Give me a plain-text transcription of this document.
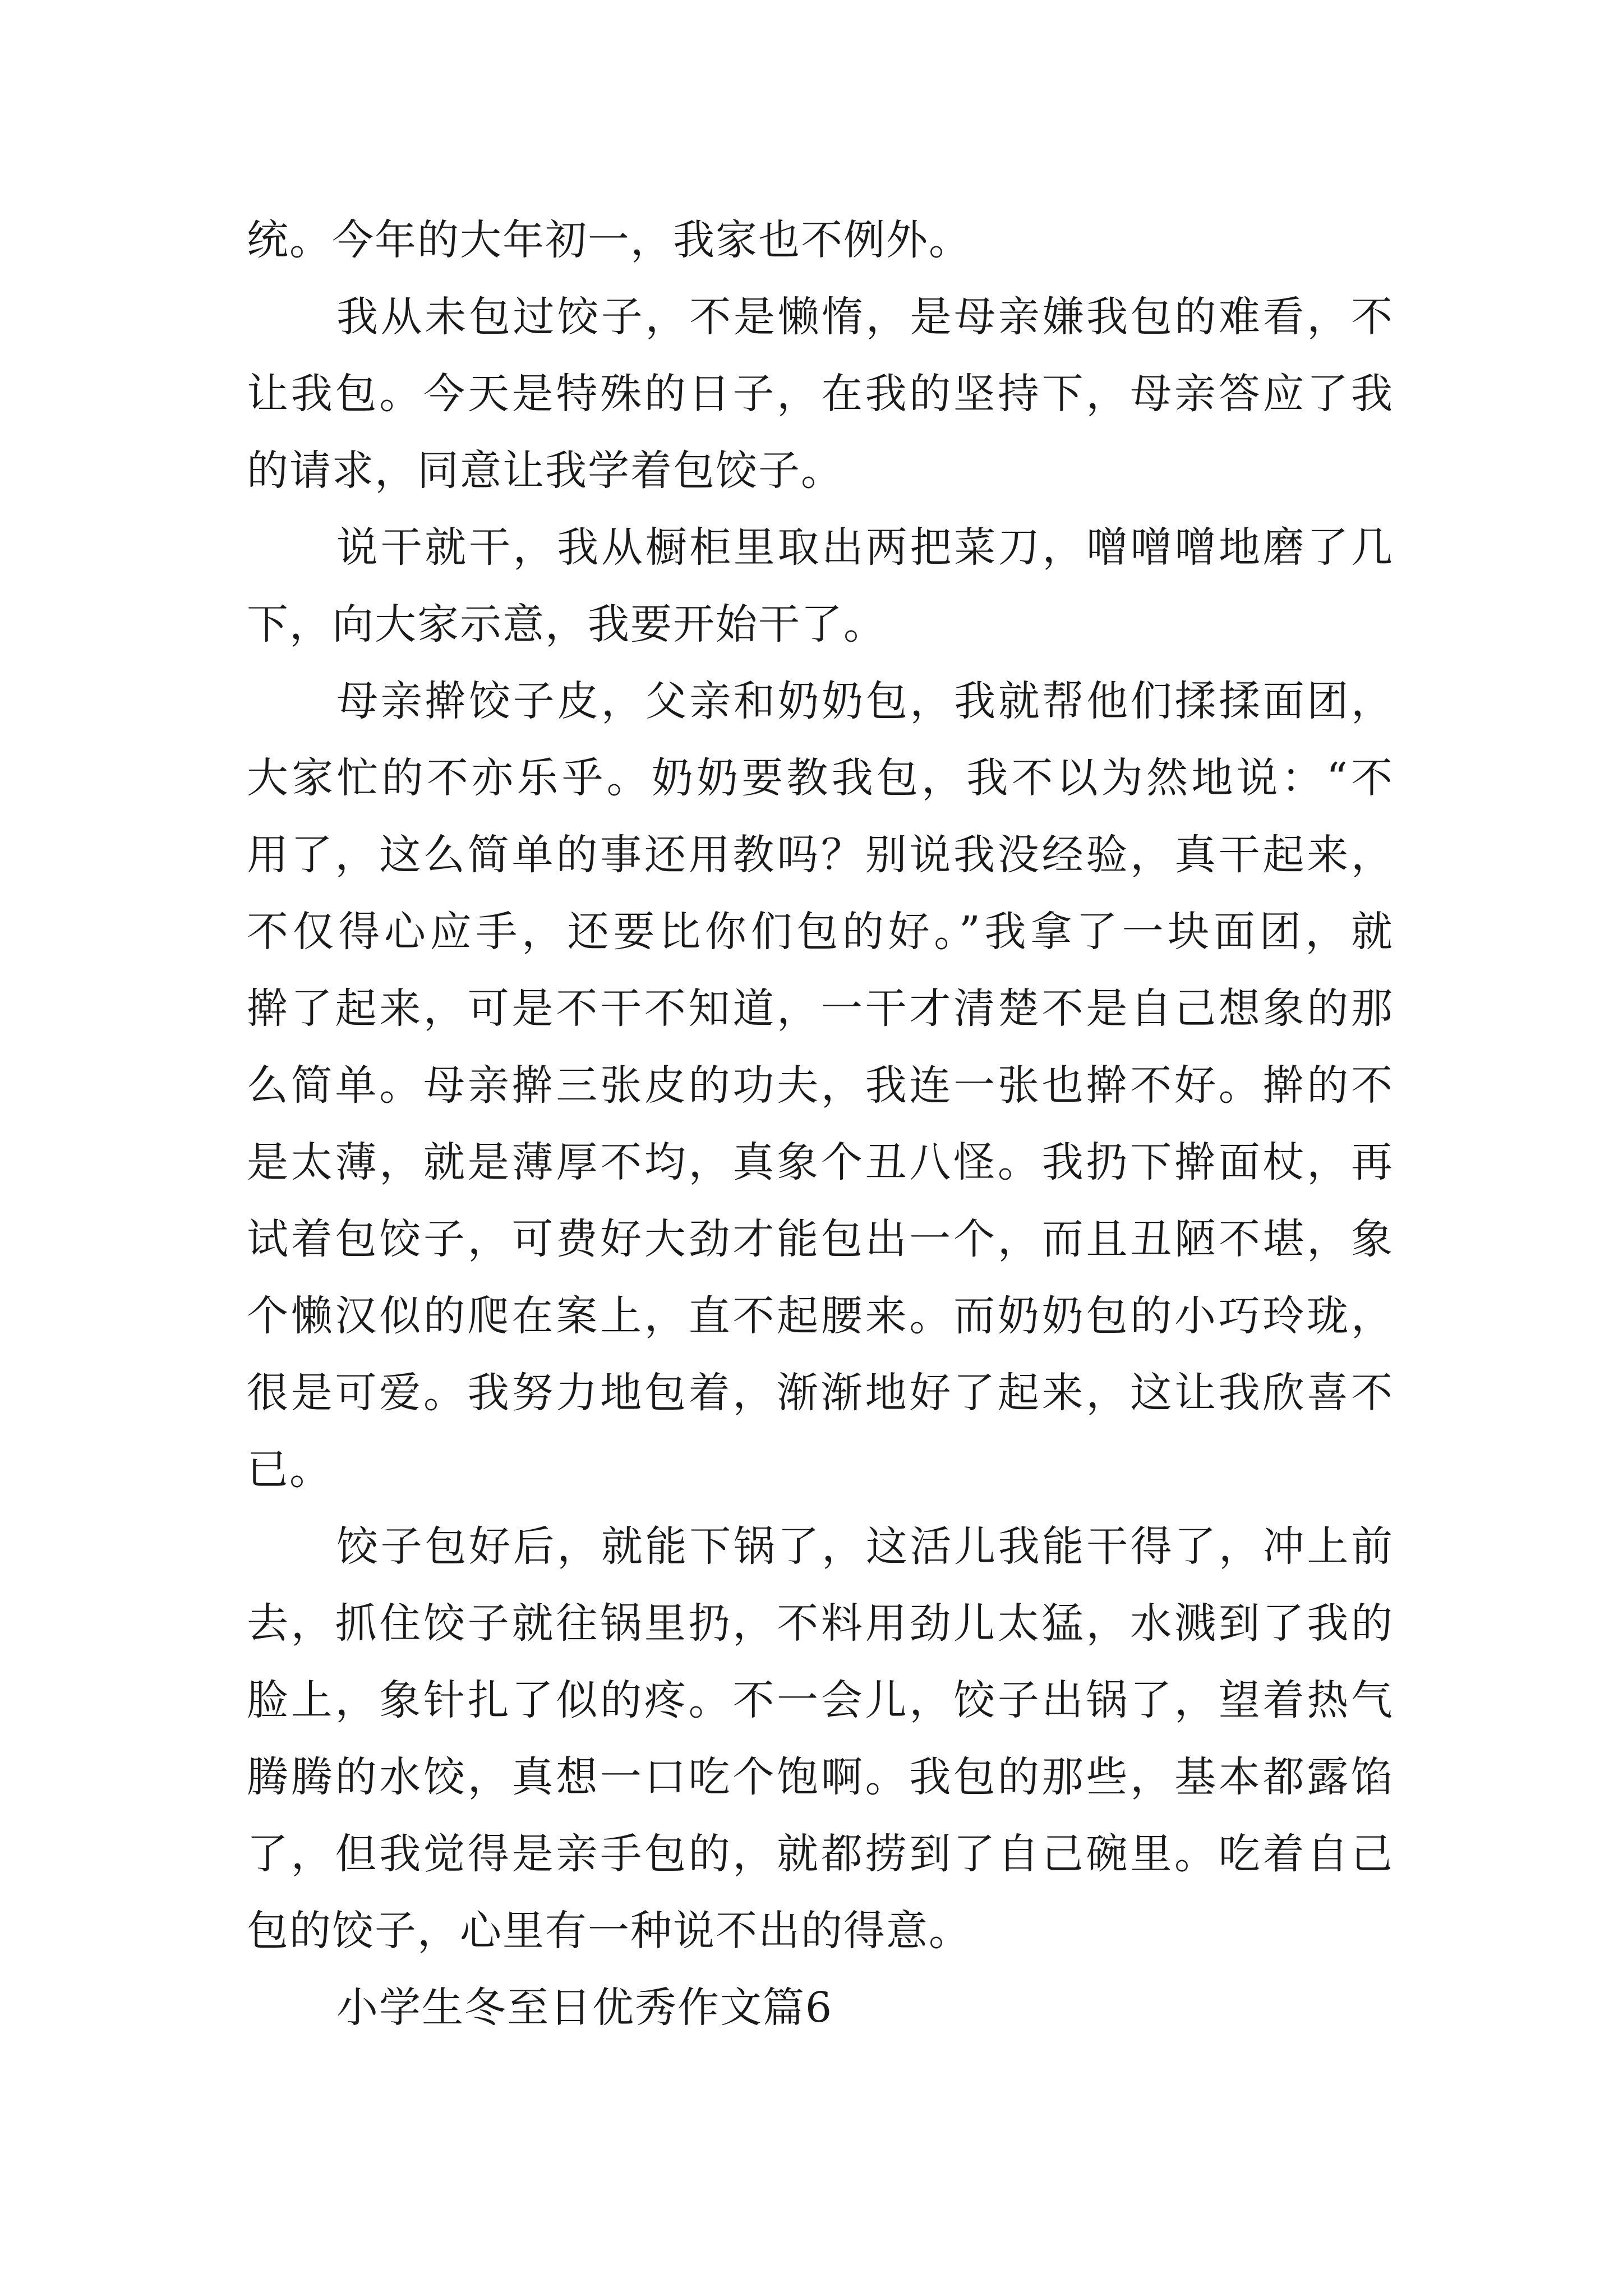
统。今年的大年初一，我家也不例外。
我从未包过饺子，不是懒惰，是母亲嫌我包的难看，不
让我包。今天是特殊的日子，在我的坚持下，母亲答应了我
的请求，同意让我学着包饺子。
说干就干，我从橱柜里取出两把菜刀，噌噌噌地磨了几
下，向大家示意，我要开始干了。
母亲擀饺子皮，父亲和奶奶包，我就帮他们揉揉面团，
大家忙的不亦乐乎。奶奶要教我包，我不以为然地说：“不
用了，这么简单的事还用教吗？别说我没经验，真干起来，
不仅得心应手，还要比你们包的好。”我拿了一块面团，就
擀了起来，可是不干不知道，一干才清楚不是自己想象的那
么简单。母亲擀三张皮的功夫，我连一张也擀不好。擀的不
是太薄，就是薄厚不均，真象个丑八怪。我扔下擀面杖，再
试着包饺子，可费好大劲才能包出一个，而且丑陋不堪，象
个懒汉似的爬在案上，直不起腰来。而奶奶包的小巧玲珑，
很是可爱。我努力地包着，渐渐地好了起来，这让我欣喜不
已。
饺子包好后，就能下锅了，这活儿我能干得了，冲上前
去，抓住饺子就往锅里扔，不料用劲儿太猛，水溅到了我的
脸上，象针扎了似的疼。不一会儿，饺子出锅了，望着热气
腾腾的水饺，真想一口吃个饱啊。我包的那些，基本都露馅
了，但我觉得是亲手包的，就都捞到了自己碗里。吃着自己
包的饺子，心里有一种说不出的得意。
小学生冬至日优秀作文篇6
